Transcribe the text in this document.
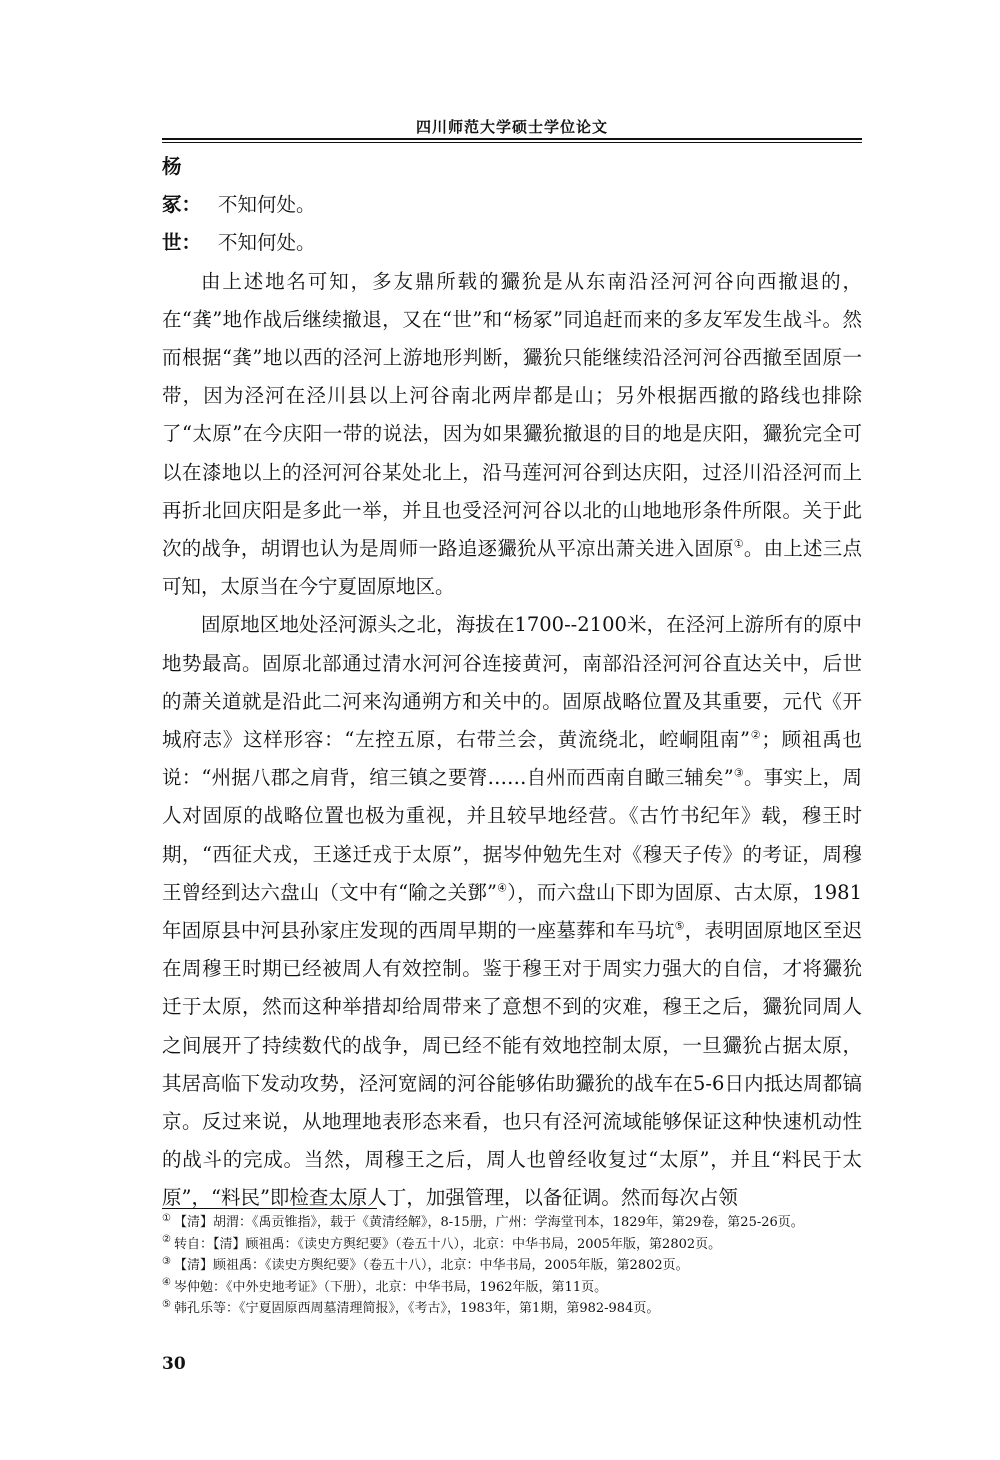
四川师范大学硕士学位论文

杨冢： 不知何处。

世： 不知何处。

由上述地名可知，多友鼎所载的玁狁是从东南沿泾河河谷向西撤退的，在“龚”地作战后继续撤退，又在“世”和“杨冢”同追赶而来的多友军发生战斗。然而根据“龚”地以西的泾河上游地形判断，玁狁只能继续沿泾河河谷西撤至固原一带，因为泾河在泾川县以上河谷南北两岸都是山；另外根据西撤的路线也排除了“太原”在今庆阳一带的说法，因为如果玁狁撤退的目的地是庆阳，玁狁完全可以在漆地以上的泾河河谷某处北上，沿马莲河河谷到达庆阳，过泾川沿泾河而上再折北回庆阳是多此一举，并且也受泾河河谷以北的山地地形条件所限。关于此次的战争，胡谓也认为是周师一路追逐玁狁从平凉出萧关进入固原①。由上述三点可知，太原当在今宁夏固原地区。

固原地区地处泾河源头之北，海拔在1700--2100米，在泾河上游所有的原中地势最高。固原北部通过清水河河谷连接黄河，南部沿泾河河谷直达关中，后世的萧关道就是沿此二河来沟通朔方和关中的。固原战略位置及其重要，元代《开城府志》这样形容：“左控五原，右带兰会，黄流绕北，崆峒阻南”②；顾祖禹也说：“州据八郡之肩背，绾三镇之要膂……自州而西南自瞰三辅矣”③。事实上，周人对固原的战略位置也极为重视，并且较早地经营。《古竹书纪年》载，穆王时期，“西征犬戎，王遂迁戎于太原”，据岑仲勉先生对《穆天子传》的考证，周穆王曾经到达六盘山（文中有“隃之关鄧”④），而六盘山下即为固原、古太原，1981年固原县中河县孙家庄发现的西周早期的一座墓葬和车马坑⑤，表明固原地区至迟在周穆王时期已经被周人有效控制。鉴于穆王对于周实力强大的自信，才将玁狁迁于太原，然而这种举措却给周带来了意想不到的灾难，穆王之后，玁狁同周人之间展开了持续数代的战争，周已经不能有效地控制太原，一旦玁狁占据太原，其居高临下发动攻势，泾河宽阔的河谷能够佑助玁狁的战车在5-6日内抵达周都镐京。反过来说，从地理地表形态来看，也只有泾河流域能够保证这种快速机动性的战斗的完成。当然，周穆王之后，周人也曾经收复过“太原”，并且“料民于太原”，“料民”即检查太原人丁，加强管理，以备征调。然而每次占领

① 【清】胡渭：《禹贡锥指》，载于《黄清经解》，8-15册，广州：学海堂刊本，1829年，第29卷，第25-26页。

② 转自：【清】顾祖禹：《读史方舆纪要》（卷五十八），北京：中华书局，2005年版，第2802页。

③ 【清】顾祖禹：《读史方舆纪要》（卷五十八），北京：中华书局，2005年版，第2802页。

④ 岑仲勉：《中外史地考证》（下册），北京：中华书局，1962年版，第11页。

⑤ 韩孔乐等：《宁夏固原西周墓清理简报》，《考古》，1983年，第1期，第982-984页。

30
